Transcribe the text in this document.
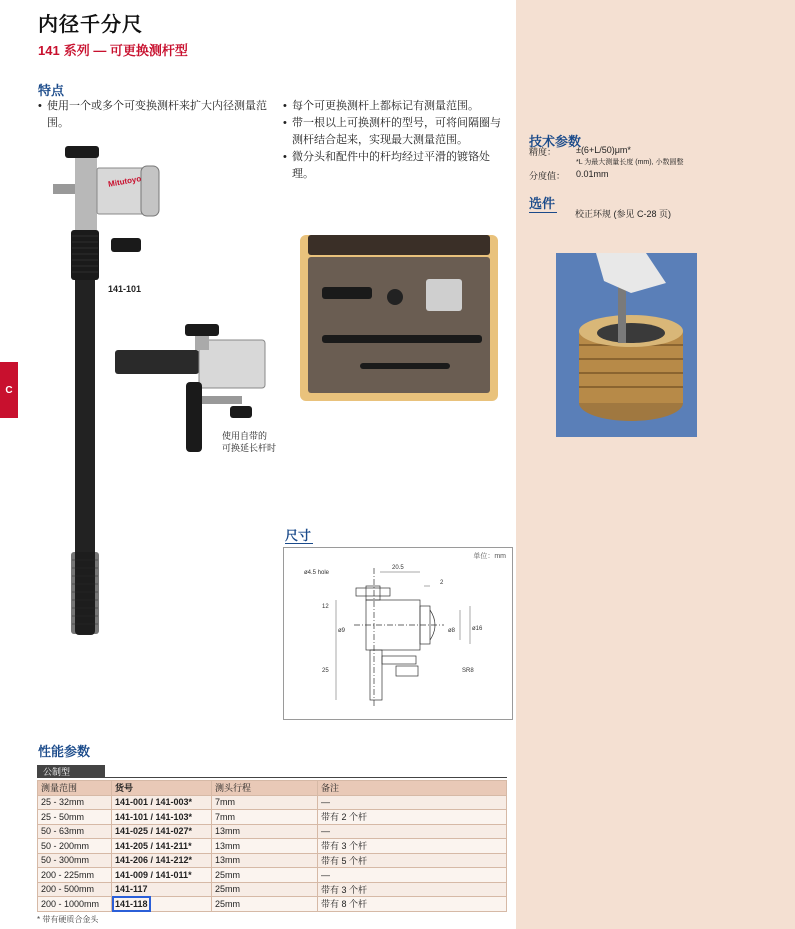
内径千分尺
141 系列 — 可更换测杆型
特点
• 使用一个或多个可变换测杆来扩大内径测量范围。
• 每个可更换测杆上都标记有测量范围。
• 带一根以上可换测杆的型号，可将间隔圈与测杆结合起来，实现最大测量范围。
• 微分头和配件中的杆均经过平滑的镀铬处理。
C
141-101
Mitutoyo
使用自带的
可换延长杆时
技术参数
精度： ±(6+L/50)μm*
*L 为最大测量长度 (mm), 小数圆整
分度值： 0.01mm
选件
校正环规 (参见 C-28 页)
尺寸
单位：mm
ø4.5 hole
20.5
2
12
ø9	ø8	ø16
25	SR8
性能参数
公制型
测量范围	货号	测头行程	备注
25 - 32mm	141-001 / 141-003*	7mm	—
25 - 50mm	141-101 / 141-103*	7mm	带有 2 个杆
50 - 63mm	141-025 / 141-027*	13mm	—
50 - 200mm	141-205 / 141-211*	13mm	带有 3 个杆
50 - 300mm	141-206 / 141-212*	13mm	带有 5 个杆
200 - 225mm	141-009 / 141-011*	25mm	—
200 - 500mm	141-117	25mm	带有 3 个杆
200 - 1000mm	141-118	25mm	带有 8 个杆
* 带有硬质合金头
